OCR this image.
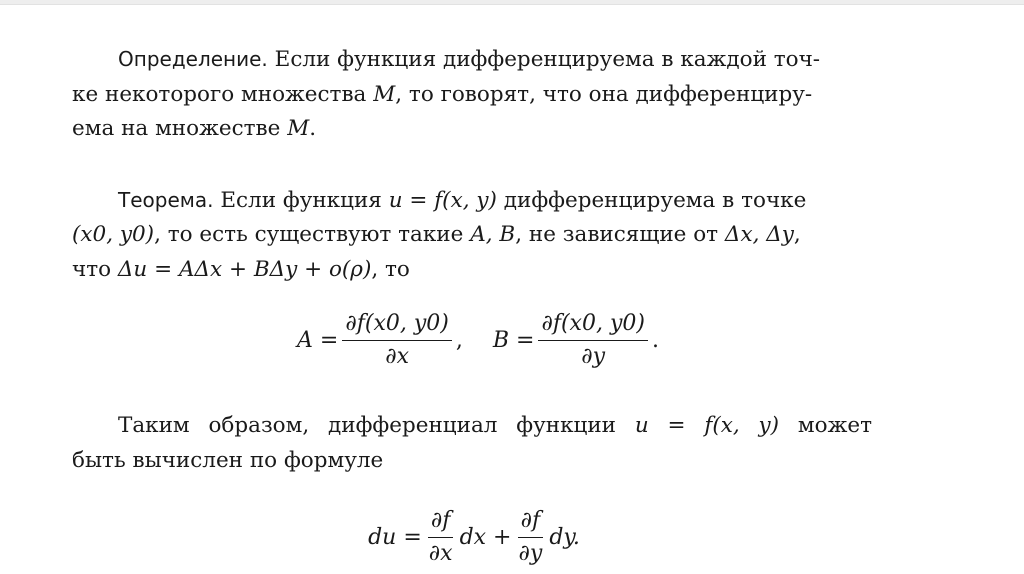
Определение. Если функция дифференцируема в каждой точ-
ке некоторого множества M, то говорят, что она дифференциру-
ема на множестве M.
Теорема. Если функция u = f(x, y) дифференцируема в точке
(x0, y0), то есть существуют такие A, B, не зависящие от Δx, Δy,
что Δu = AΔx + BΔy + o(ρ), то
$A = \frac{\partial f(x0, y0)}{\partial x}$ , $B = \frac{\partial f(x0, y0)}{\partial y}$ .
Таким образом, дифференциал функции u = f(x, y) может
быть вычислен по формуле
du = $\frac{\partial f}{\partial x}$ dx + $\frac{\partial f}{\partial y}$ dy.
